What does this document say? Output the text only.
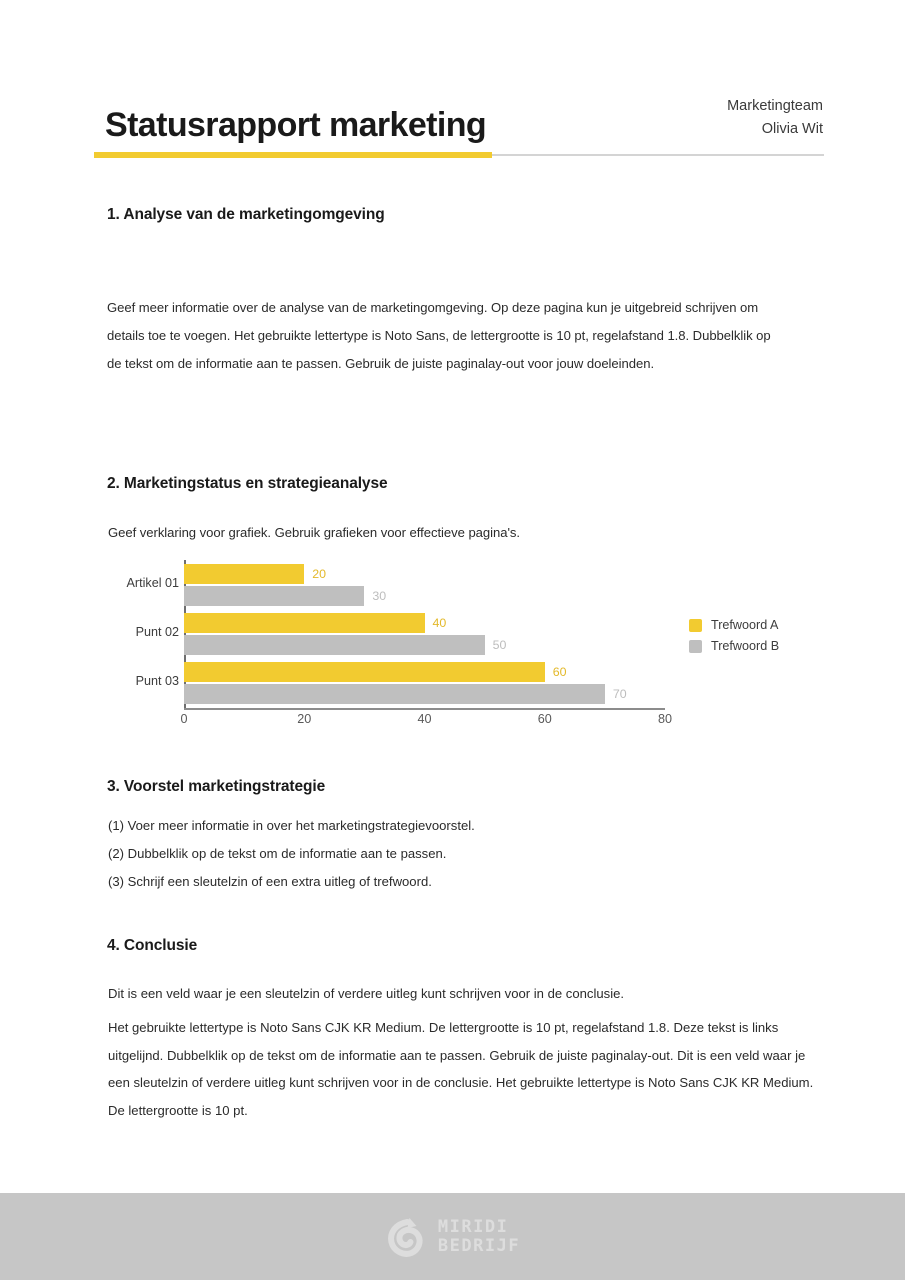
Statusrapport marketing
Marketingteam
Olivia Wit
1. Analyse van de marketingomgeving

Geef meer informatie over de analyse van de marketingomgeving. Op deze pagina kun je uitgebreid schrijven om details toe te voegen. Het gebruikte lettertype is Noto Sans, de lettergrootte is 10 pt, regelafstand 1.8. Dubbelklik op de tekst om de informatie aan te passen. Gebruik de juiste paginalay-out voor jouw doeleinden.

2. Marketingstatus en strategieanalyse

Geef verklaring voor grafiek. Gebruik grafieken voor effectieve pagina's.

Artikel 01
Punt 02
Punt 03
20
40
60
30
50
70
0	20	40	60	80
Trefwoord A
Trefwoord B
3. Voorstel marketingstrategie
(1) Voer meer informatie in over het marketingstrategievoorstel.
(2) Dubbelklik op de tekst om de informatie aan te passen.
(3) Schrijf een sleutelzin of een extra uitleg of trefwoord.
4. Conclusie

Dit is een veld waar je een sleutelzin of verdere uitleg kunt schrijven voor in de conclusie.

Het gebruikte lettertype is Noto Sans CJK KR Medium. De lettergrootte is 10 pt, regelafstand 1.8. Deze tekst is links uitgelijnd. Dubbelklik op de tekst om de informatie aan te passen. Gebruik de juiste paginalay-out. Dit is een veld waar je een sleutelzin of verdere uitleg kunt schrijven voor in de conclusie. Het gebruikte lettertype is Noto Sans CJK KR Medium. De lettergrootte is 10 pt.

MIRIDI
BEDRIJF
